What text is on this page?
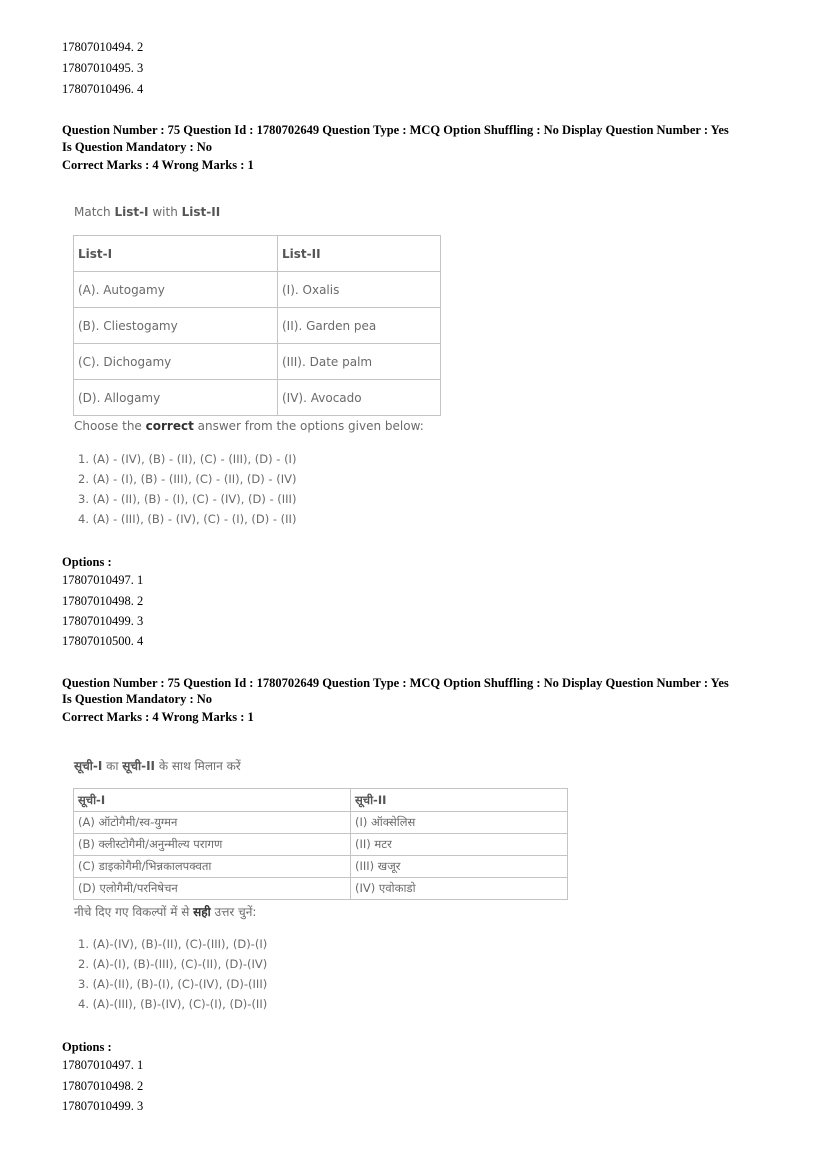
17807010494. 2
17807010495. 3
17807010496. 4
Question Number : 75 Question Id : 1780702649 Question Type : MCQ Option Shuffling : No Display Question Number : Yes
Is Question Mandatory : No
Correct Marks : 4 Wrong Marks : 1
Match List-I with List-II
List-I	List-II
(A). Autogamy	(I). Oxalis
(B). Cliestogamy	(II). Garden pea
(C). Dichogamy	(III). Date palm
(D). Allogamy	(IV). Avocado
Choose the correct answer from the options given below:
1. (A) - (IV), (B) - (II), (C) - (III), (D) - (I)
2. (A) - (I), (B) - (III), (C) - (II), (D) - (IV)
3. (A) - (II), (B) - (I), (C) - (IV), (D) - (III)
4. (A) - (III), (B) - (IV), (C) - (I), (D) - (II)
Options :
17807010497. 1
17807010498. 2
17807010499. 3
17807010500. 4
Question Number : 75 Question Id : 1780702649 Question Type : MCQ Option Shuffling : No Display Question Number : Yes
Is Question Mandatory : No
Correct Marks : 4 Wrong Marks : 1
सूची-I का सूची-II के साथ मिलान करें
सूची-I	सूची-II
(A) ऑटोगैमी/स्व-युग्मन	(I) ऑक्सेलिस
(B) क्लीस्टोगैमी/अनुन्मील्य परागण	(II) मटर
(C) डाइकोगैमी/भिन्नकालपक्वता	(III) खजूर
(D) एलोगैमी/परनिषेचन	(IV) एवोकाडो
नीचे दिए गए विकल्पों में से सही उत्तर चुनें:
1. (A)-(IV), (B)-(II), (C)-(III), (D)-(I)
2. (A)-(I), (B)-(III), (C)-(II), (D)-(IV)
3. (A)-(II), (B)-(I), (C)-(IV), (D)-(III)
4. (A)-(III), (B)-(IV), (C)-(I), (D)-(II)
Options :
17807010497. 1
17807010498. 2
17807010499. 3
